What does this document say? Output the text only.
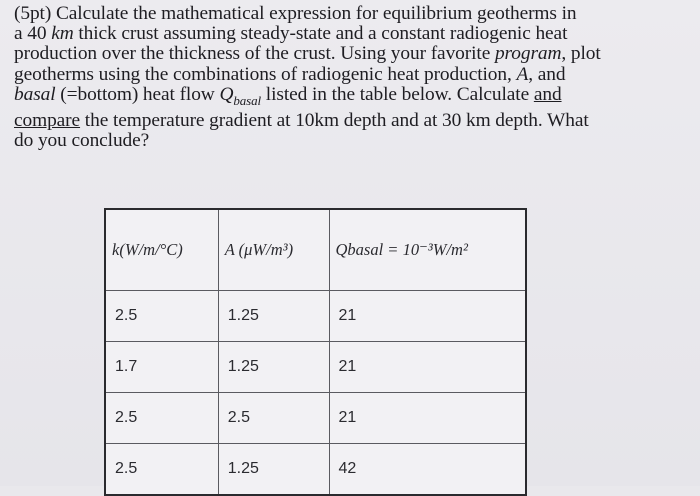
(5pt) Calculate the mathematical expression for equilibrium geotherms in
a 40 km thick crust assuming steady-state and a constant radiogenic heat
production over the thickness of the crust. Using your favorite program, plot
geotherms using the combinations of radiogenic heat production, A, and
basal (=bottom) heat flow $Q_{basal}$ listed in the table below. Calculate and
compare the temperature gradient at 10km depth and at 30 km depth. What
do you conclude?
k(W/m/°C)	A (μW/m³)	Qbasal = 10⁻³W/m²
2.5	1.25	21
1.7	1.25	21
2.5	2.5	21
2.5	1.25	42
